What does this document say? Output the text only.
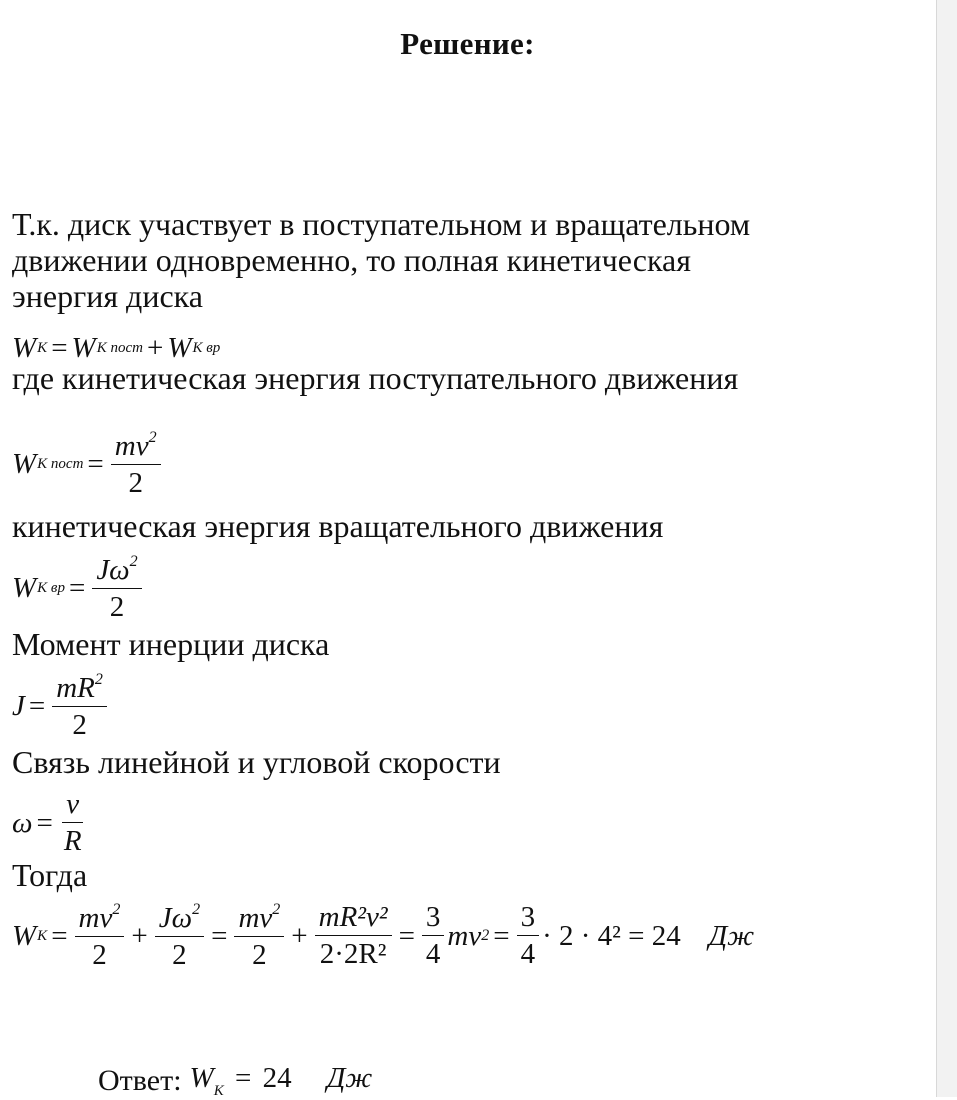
Решение:
Т.к. диск участвует в поступательном и вращательном
движении одновременно, то полная кинетическая
энергия диска
W K = W K пост + W K вр
где кинетическая энергия поступательного движения
W K пост = $\frac{mv^2}{2}$
кинетическая энергия вращательного движения
W K вр = $\frac{J\omega^2}{2}$
Момент инерции диска
$J = \frac{mR^2}{2}$
Связь линейной и угловой скорости
$\omega = \frac{v}{R}$
Тогда
W $K = \frac{mv^2}{2} + \frac{J\omega^2}{2} = \frac{mv^2}{2} + \frac{\text{mR²v²}}{\text{2·2R²}} = \frac{3}{4}$ mv $2 = \frac{3}{4} \cdot 2 \cdot 4^2 = 24$ Дж
Ответ: $W_K = 24$ Дж
